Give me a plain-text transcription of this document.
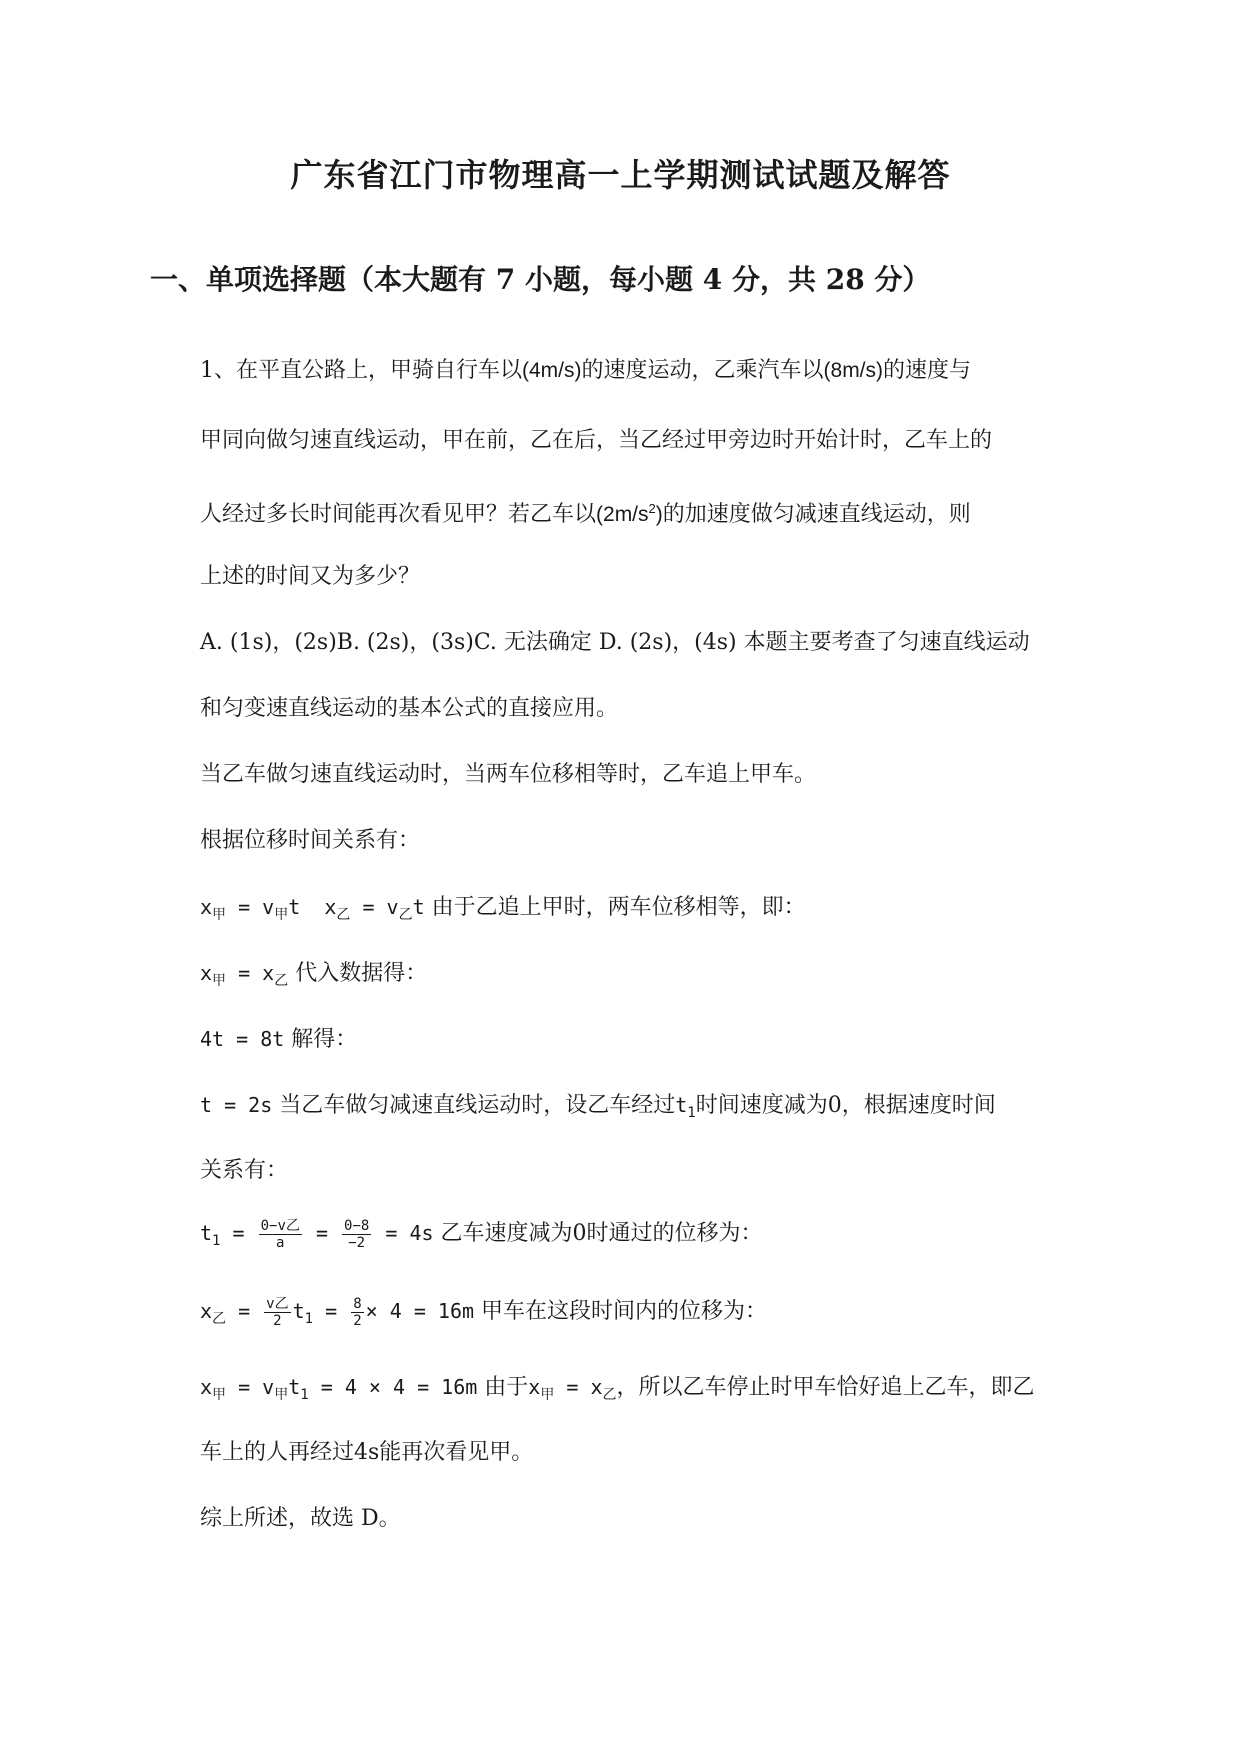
广东省江门市物理高一上学期测试试题及解答
一、单项选择题（本大题有 7 小题，每小题 4 分，共 28 分）
1、在平直公路上，甲骑自行车以(4m/s)的速度运动，乙乘汽车以(8m/s)的速度与
甲同向做匀速直线运动，甲在前，乙在后，当乙经过甲旁边时开始计时，乙车上的
人经过多长时间能再次看见甲？若乙车以$(2m/s^2)$的加速度做匀减速直线运动，则
上述的时间又为多少？
A. (1s)，(2s)B. (2s)，(3s)C. 无法确定 D. (2s)，(4s) 本题主要考查了匀速直线运动
和匀变速直线运动的基本公式的直接应用。
当乙车做匀速直线运动时，当两车位移相等时，乙车追上甲车。
根据位移时间关系有：
$x_甲 = v_甲t$ $x_乙 = v_乙t$ 由于乙追上甲时，两车位移相等，即：
$x_甲 = x_乙$ 代入数据得：
4t = 8t 解得：
t = 2s 当乙车做匀减速直线运动时，设乙车经过$t_1$时间速度减为0，根据速度时间
关系有：
$t_1 = \frac{\text{0−v乙}}{a} = \frac{0-8}{-2} = 4s$ 乙车速度减为0时通过的位移为：
$x_乙 = \frac{\text{v乙}}{2} t_1 = \frac{8}{2} \times 4 = 16m$ 甲车在这段时间内的位移为：
$x_甲 = v_甲t_1 = 4 \times 4 = 16m$ 由于$x_甲 = x_乙$，所以乙车停止时甲车恰好追上乙车，即乙
车上的人再经过4s能再次看见甲。
综上所述，故选 D。
